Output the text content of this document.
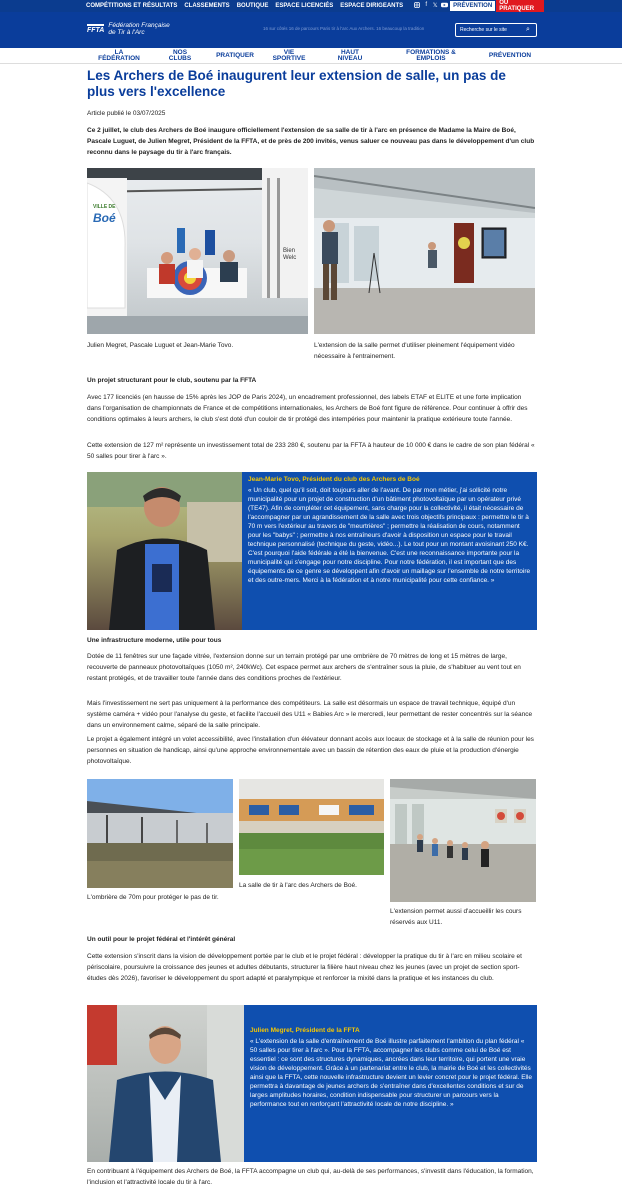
COMPÉTITIONS ET RÉSULTATS CLASSEMENTS BOUTIQUE ESPACE LICENCIÉS ESPACE DIRIGEANTS	f 𝕏	PRÉVENTION	OÙ PRATIQUER
FFTA
Fédération Française
de Tir à l'Arc
16 sur côtés 16 de parcours Paris tir à l'arc Aux Archers. 16 beaucoup la tradition
Recherche sur le site	⌕
LA FÉDÉRATION
NOS CLUBS	PRATIQUER	VIE SPORTIVE
HAUT NIVEAU
FORMATIONS & EMPLOIS	PRÉVENTION
Les Archers de Boé inaugurent leur extension de salle, un pas de plus vers l'excellence
Article publié le 03/07/2025

Ce 2 juillet, le club des Archers de Boé inaugure officiellement l'extension de sa salle de tir à l'arc en présence de Madame la Maire de Boé, Pascale Luguet, de Julien Megret, Président de la FFTA, et de près de 200 invités, venus saluer ce nouveau pas dans le développement d'un club reconnu dans le paysage du tir à l'arc français.

VILLE DE
Boé
Bien Welc
Julien Megret, Pascale Luguet et Jean-Marie Tovo.	L'extension de la salle permet d'utiliser pleinement l'équipement vidéo nécessaire à l'entrainement.
Un projet structurant pour le club, soutenu par la FFTA

Avec 177 licenciés (en hausse de 15% après les JOP de Paris 2024), un encadrement professionnel, des labels ETAF et ELITE et une forte implication dans l'organisation de championnats de France et de compétitions internationales, les Archers de Boé font figure de référence. Pour continuer à offrir des conditions optimales à leurs archers, le club s'est doté d'un couloir de tir protégé des intempéries pour maintenir la pratique extérieure toute l'année.

Cette extension de 127 m² représente un investissement total de 233 280 €, soutenu par la FFTA à hauteur de 10 000 € dans le cadre de son plan fédéral « 50 salles pour tirer à l'arc ».

Jean-Marie Tovo, Président du club des Archers de Boé
« Un club, quel qu'il soit, doit toujours aller de l'avant. De par mon métier, j'ai sollicité notre municipalité pour un projet de construction d'un bâtiment photovoltaïque par un opérateur privé (TE47). Afin de compléter cet équipement, sans charge pour la collectivité, il était nécessaire de l'accompagner par un agrandissement de la salle avec trois objectifs principaux : permettre le tir à 70 m vers l'extérieur au travers de "meurtrières" ; permettre la réalisation de cours, notamment pour les "babys" ; permettre à nos entraîneurs d'avoir à disposition un espace pour le travail technique personnalisé (technique du geste, vidéo...). Le tout pour un montant avoisinant 250 K€. C'est pourquoi l'aide fédérale a été la bienvenue. C'est une reconnaissance importante pour la municipalité qui s'engage pour notre discipline. Pour notre fédération, il est important que des équipements de ce genre se développent afin d'avoir un maillage sur l'ensemble de notre territoire et des outre-mers. Merci à la fédération et à notre municipalité pour cette confiance. »
Une infrastructure moderne, utile pour tous

Dotée de 11 fenêtres sur une façade vitrée, l'extension donne sur un terrain protégé par une ombrière de 70 mètres de long et 15 mètres de large, recouverte de panneaux photovoltaïques (1050 m², 240kWc). Cet espace permet aux archers de s'entraîner sous la pluie, de s'habituer au vent tout en restant protégés, et de travailler toute l'année dans des conditions proches de l'extérieur.

Mais l'investissement ne sert pas uniquement à la performance des compétiteurs. La salle est désormais un espace de travail technique, équipé d'un système caméra + vidéo pour l'analyse du geste, et facilite l'accueil des U11 « Babies Arc » le mercredi, leur permettant de rester concentrés sur la séance dans un environnement calme, séparé de la salle principale.

Le projet a également intégré un volet accessibilité, avec l'installation d'un élévateur donnant accès aux locaux de stockage et à la salle de réunion pour les personnes en situation de handicap, ainsi qu'une approche environnementale avec un bassin de rétention des eaux de pluie et la production d'énergie photovoltaïque.

L'ombrière de 70m pour protéger le pas de tir.
La salle de tir à l'arc des Archers de Boé.
L'extension permet aussi d'accueillir les cours réservés aux U11.
Un outil pour le projet fédéral et l'intérêt général

Cette extension s'inscrit dans la vision de développement portée par le club et le projet fédéral : développer la pratique du tir à l'arc en milieu scolaire et périscolaire, poursuivre la croissance des jeunes et adultes débutants, structurer la filière haut niveau chez les jeunes (avec un projet de section sport-études dès 2026), favoriser le développement du sport adapté et paralympique et renforcer la mixité dans la pratique et les instances du club.

Julien Megret, Président de la FFTA
« L'extension de la salle d'entraînement de Boé illustre parfaitement l'ambition du plan fédéral « 50 salles pour tirer à l'arc ». Pour la FFTA, accompagner les clubs comme celui de Boé est essentiel : ce sont des structures dynamiques, ancrées dans leur territoire, qui portent une vraie vision de développement. Grâce à un partenariat entre le club, la mairie de Boé et les collectivités ainsi que la FFTA, cette nouvelle infrastructure devient un levier concret pour le projet fédéral. Elle permettra à davantage de jeunes archers de s'entraîner dans d'excellentes conditions et sur de larges amplitudes horaires, condition indispensable pour structurer un parcours vers la performance tout en renforçant l'attractivité locale de notre discipline. »

En contribuant à l'équipement des Archers de Boé, la FFTA accompagne un club qui, au-delà de ses performances, s'investit dans l'éducation, la formation, l'inclusion et l'attractivité locale du tir à l'arc.
